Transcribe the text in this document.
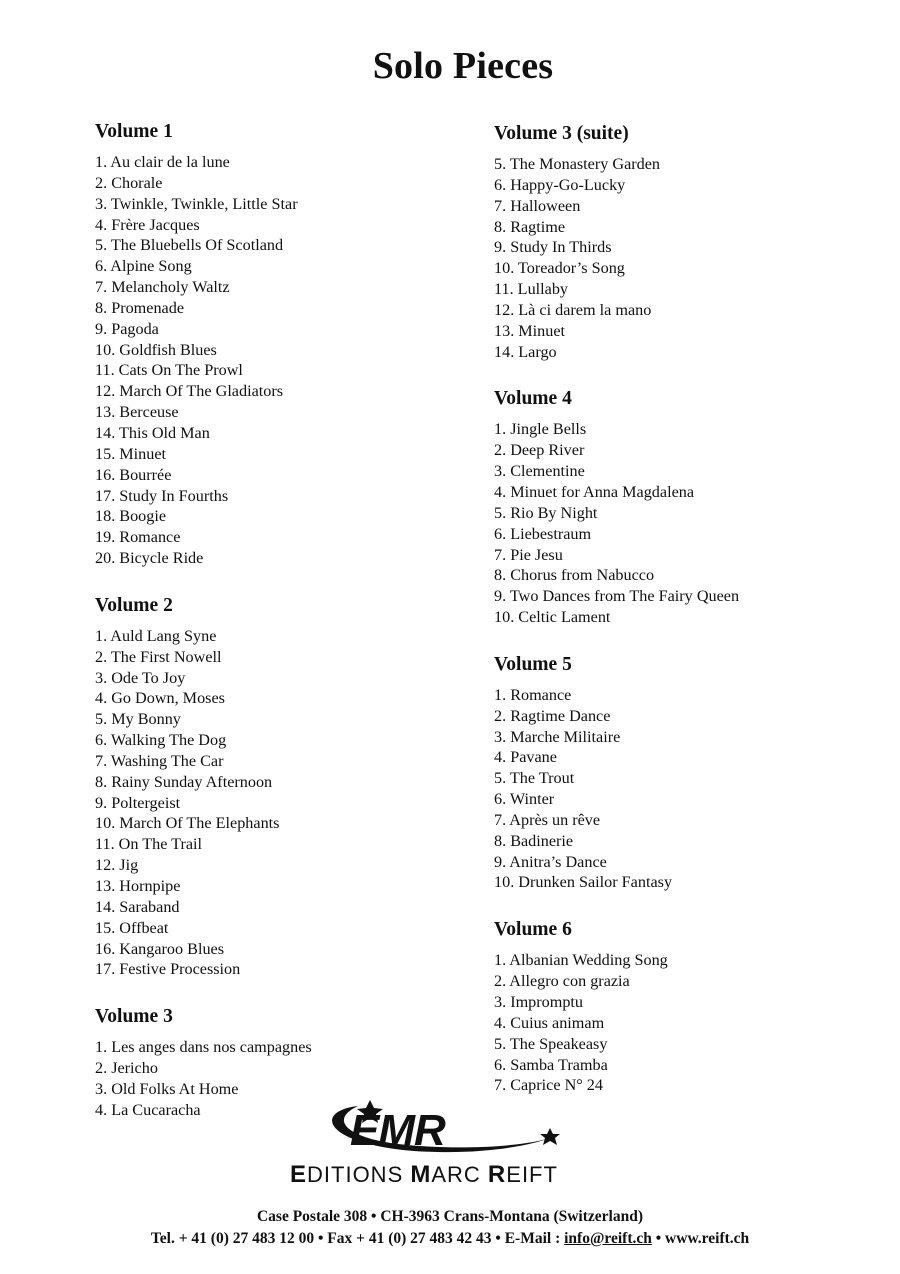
Solo Pieces
Volume 1
1. Au clair de la lune
2. Chorale
3. Twinkle, Twinkle, Little Star
4. Frère Jacques
5. The Bluebells Of Scotland
6. Alpine Song
7. Melancholy Waltz
8. Promenade
9. Pagoda
10. Goldfish Blues
11. Cats On The Prowl
12. March Of The Gladiators
13. Berceuse
14. This Old Man
15. Minuet
16. Bourrée
17. Study In Fourths
18. Boogie
19. Romance
20. Bicycle Ride
Volume 2
1. Auld Lang Syne
2. The First Nowell
3. Ode To Joy
4. Go Down, Moses
5. My Bonny
6. Walking The Dog
7. Washing The Car
8. Rainy Sunday Afternoon
9. Poltergeist
10. March Of The Elephants
11. On The Trail
12. Jig
13. Hornpipe
14. Saraband
15. Offbeat
16. Kangaroo Blues
17. Festive Procession
Volume 3
1. Les anges dans nos campagnes
2. Jericho
3. Old Folks At Home
4. La Cucaracha
Volume 3 (suite)
5. The Monastery Garden
6. Happy-Go-Lucky
7. Halloween
8. Ragtime
9. Study In Thirds
10. Toreador’s Song
11. Lullaby
12. Là ci darem la mano
13. Minuet
14. Largo
Volume 4
1. Jingle Bells
2. Deep River
3. Clementine
4. Minuet for Anna Magdalena
5. Rio By Night
6. Liebestraum
7. Pie Jesu
8. Chorus from Nabucco
9. Two Dances from The Fairy Queen
10. Celtic Lament
Volume 5
1. Romance
2. Ragtime Dance
3. Marche Militaire
4. Pavane
5. The Trout
6. Winter
7. Après un rêve
8. Badinerie
9. Anitra’s Dance
10. Drunken Sailor Fantasy
Volume 6
1. Albanian Wedding Song
2. Allegro con grazia
3. Impromptu
4. Cuius animam
5. The Speakeasy
6. Samba Tramba
7. Caprice N° 24
EMR
EDITIONS MARC REIFT
Case Postale 308 • CH-3963 Crans-Montana (Switzerland)
Tel. + 41 (0) 27 483 12 00 • Fax + 41 (0) 27 483 42 43 • E-Mail : info@reift.ch • www.reift.ch
